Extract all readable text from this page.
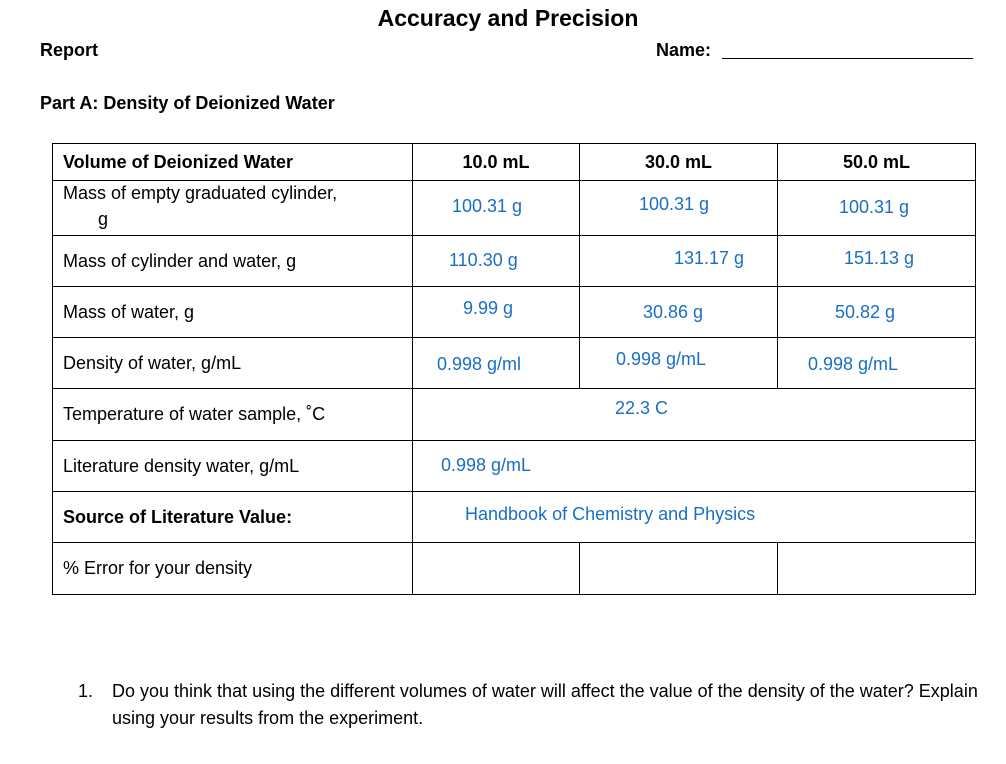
Accuracy and Precision
Report	Name:
Part A: Density of Deionized Water
Volume of Deionized Water	10.0 mL	30.0 mL	50.0 mL

Mass of empty graduated cylinder,
g	100.31 g	100.31 g	100.31 g

Mass of cylinder and water, g	110.30 g	131.17 g	151.13 g

Mass of water, g	9.99 g	30.86 g	50.82 g

Density of water, g/mL	0.998 g/ml	0.998 g/mL	0.998 g/mL

Temperature of water sample, ˚C	22.3 C		

Literature density water, g/mL	0.998 g/mL		

Source of Literature Value:	Handbook of Chemistry and Physics		

% Error for your density			
1. Do you think that using the different volumes of water will affect the value of the density of the water? Explain using your results from the experiment.
